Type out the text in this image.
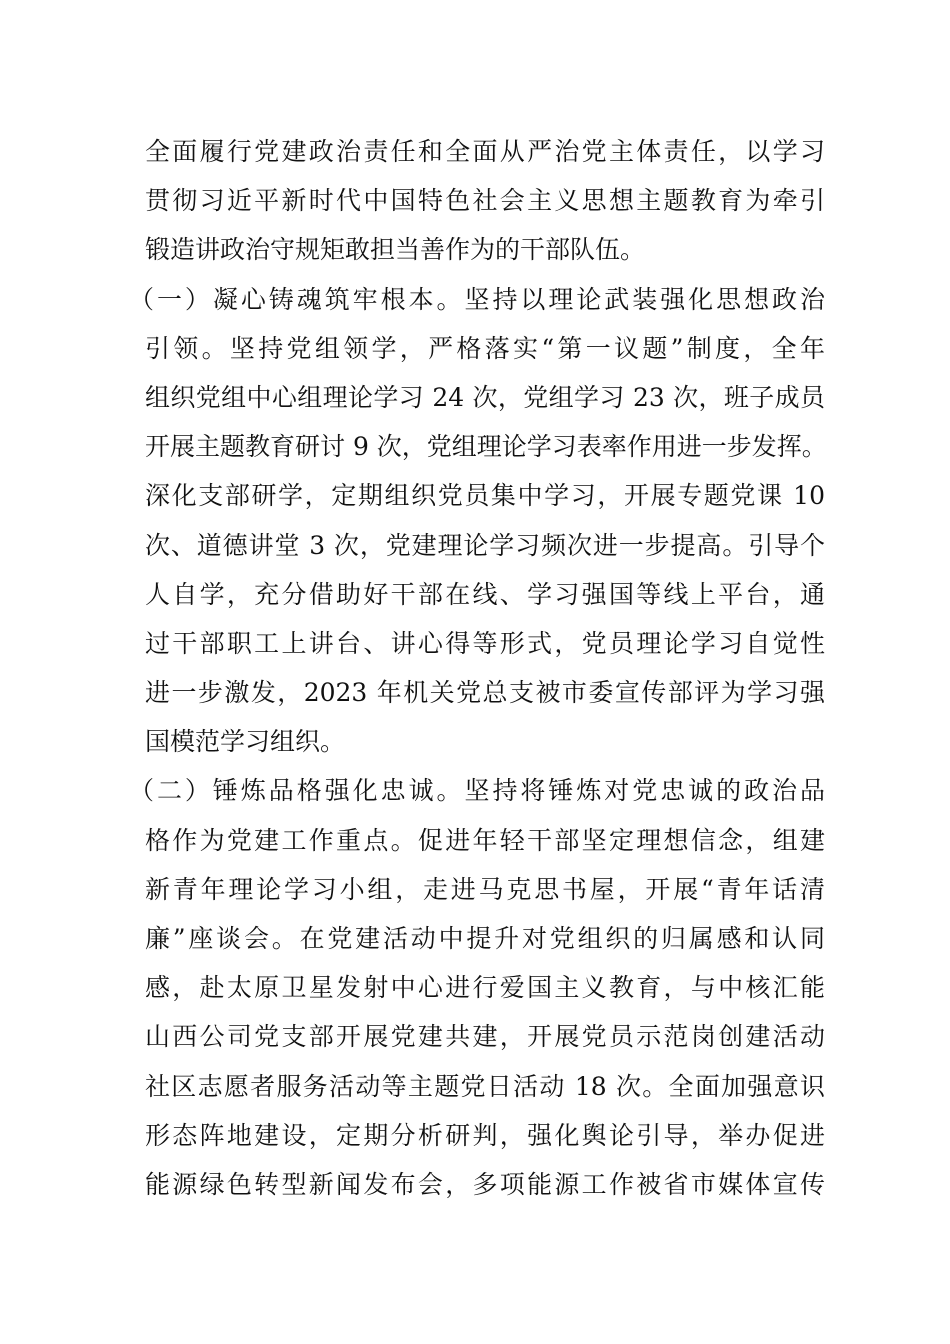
全面履行党建政治责任和全面从严治党主体责任，以学习
贯彻习近平新时代中国特色社会主义思想主题教育为牵引
锻造讲政治守规矩敢担当善作为的干部队伍。
（一）凝心铸魂筑牢根本。坚持以理论武装强化思想政治
引领。坚持党组领学，严格落实“第一议题”制度，全年
组织党组中心组理论学习 24 次，党组学习 23 次，班子成员
开展主题教育研讨 9 次，党组理论学习表率作用进一步发挥。
深化支部研学，定期组织党员集中学习，开展专题党课 10
次、道德讲堂 3 次，党建理论学习频次进一步提高。引导个
人自学，充分借助好干部在线、学习强国等线上平台，通
过干部职工上讲台、讲心得等形式，党员理论学习自觉性
进一步激发，2023 年机关党总支被市委宣传部评为学习强
国模范学习组织。
（二）锤炼品格强化忠诚。坚持将锤炼对党忠诚的政治品
格作为党建工作重点。促进年轻干部坚定理想信念，组建
新青年理论学习小组，走进马克思书屋，开展“青年话清
廉”座谈会。在党建活动中提升对党组织的归属感和认同
感，赴太原卫星发射中心进行爱国主义教育，与中核汇能
山西公司党支部开展党建共建，开展党员示范岗创建活动
社区志愿者服务活动等主题党日活动 18 次。全面加强意识
形态阵地建设，定期分析研判，强化舆论引导，举办促进
能源绿色转型新闻发布会，多项能源工作被省市媒体宣传
